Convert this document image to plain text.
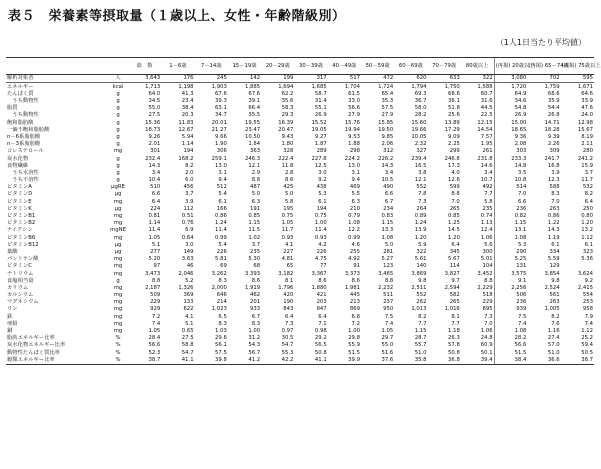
表５　栄養素等摂取量（１歳以上、女性・年齢階級別）
（1人1日当たり平均値）
		総　数	1－6歳	7－14歳	15－19歳	20－29歳	30－39歳	40－49歳	50－59歳	60－69歳	70－79歳	80歳以上	(再掲) 20歳以上	(再掲) 65－74歳	(再掲) 75歳以上
解析対象者	人	3,643	176	245	142	199	317	517	472	620	633	322	3,080	702	595
エネルギー	kcal	1,713	1,198	1,903	1,885	1,694	1,685	1,704	1,724	1,794	1,750	1,588	1,720	1,759	1,671
たんぱく質	g	64.0	41.3	67.6	67.6	62.2	58.7	61.5	65.4	69.3	68.6	60.7	64.9	68.6	64.6
　うち動物性	g	34.5	23.4	39.3	39.1	35.6	31.4	33.0	35.3	36.7	36.1	31.6	34.6	35.9	33.9
脂質	g	55.0	38.4	63.1	66.4	58.3	55.1	56.6	57.5	58.0	51.8	44.5	54.8	54.4	47.6
　うち動物性	g	27.5	20.3	34.7	35.5	29.3	26.9	27.9	27.9	28.2	25.6	22.5	26.9	26.8	24.0
飽和脂肪酸	g	15.36	11.83	20.01	19.55	16.39	15.52	15.76	15.85	15.60	13.89	12.15	15.00	14.71	12.98
一価不飽和脂肪酸	g	18.73	12.67	21.27	23.47	20.47	19.05	19.94	19.50	19.66	17.29	14.54	18.65	18.28	15.67
n－6系脂肪酸	g	9.26	5.94	9.66	10.50	9.43	9.27	9.53	9.85	10.05	9.09	7.57	9.36	9.39	8.19
n－3系脂肪酸	g	2.01	1.14	1.90	1.84	1.80	1.87	1.88	2.06	2.32	2.25	1.95	2.08	2.26	2.11
コレステロール	mg	301	194	306	363	328	289	298	312	327	299	261	303	309	280
炭水化物	g	232.4	168.2	259.1	246.3	222.4	227.8	224.2	226.2	239.4	246.8	231.8	233.3	241.7	241.2
食物繊維	g	14.3	8.2	13.0	12.1	11.8	12.5	13.0	14.3	16.5	17.3	14.6	14.8	16.8	15.9
　うち水溶性	g	3.4	2.0	3.1	2.9	2.8	3.0	3.1	3.4	3.8	4.0	3.4	3.5	3.9	3.7
　うち不溶性	g	10.4	6.0	9.4	8.8	8.6	9.2	9.4	10.5	12.1	12.6	10.7	10.8	12.3	11.7
ビタミンA	μgRE	510	456	512	487	425	438	469	490	552	599	492	514	588	532
ビタミンD	μg	6.6	3.7	5.4	5.0	5.0	5.3	5.5	6.6	7.8	8.8	7.7	7.0	8.3	8.2
ビタミンE	mg	6.4	3.9	6.1	6.3	5.8	6.1	6.3	6.7	7.3	7.0	5.8	6.6	7.0	6.4
ビタミンK	μg	224	112	166	191	195	194	210	234	264	265	235	236	263	250
ビタミンB1	mg	0.81	0.51	0.86	0.85	0.75	0.75	0.79	0.83	0.89	0.85	0.74	0.82	0.86	0.80
ビタミンB2	mg	1.14	0.76	1.24	1.15	1.05	1.00	1.08	1.15	1.24	1.25	1.13	1.15	1.22	1.20
ナイアシン	mgNE	11.4	6.9	11.4	11.5	11.7	11.4	12.2	13.3	13.9	14.5	12.4	13.1	14.3	13.2
ビタミンB6	mg	1.05	0.64	0.99	1.02	0.93	0.93	0.99	1.08	1.20	1.20	1.06	1.08	1.19	1.12
ビタミンB12	μg	5.1	3.0	5.4	3.7	4.1	4.2	4.6	5.0	5.9	6.4	5.6	5.3	6.1	6.1
葉酸	μg	277	149	226	235	227	226	255	281	322	345	300	290	334	323
パントテン酸	mg	5.20	3.63	5.81	5.30	4.81	4.75	4.92	5.27	5.61	5.67	5.01	5.25	5.59	5.36
ビタミンC	mg	97	46	69	68	65	77	91	123	140	114	104	131	129	
ナトリウム	mg	3,473	2,046	3,262	3,393	3,182	3,367	3,373	3,465	3,869	3,827	3,452	3,575	3,854	3,624
食塩相当量	g	8.8	5.2	8.3	8.6	8.1	8.6	8.6	8.8	9.8	9.7	8.8	9.1	9.8	9.2
カリウム	mg	2,187	1,326	2,000	1,919	1,796	1,880	1,981	2,232	2,511	2,594	2,229	2,256	2,524	2,415
カルシウム	mg	509	369	646	462	420	421	445	511	552	582	518	506	561	554
マグネシウム	mg	229	133	214	201	190	203	213	237	262	265	229	236	263	253
リン	mg	929	622	1,023	933	843	847	869	950	1,013	1,016	895	939	1,005	958
鉄	mg	7.2	4.1	6.5	6.7	6.4	6.4	6.8	7.5	8.2	8.1	7.3	7.5	8.2	7.9
亜鉛	mg	7.4	5.1	8.3	8.3	7.3	7.1	7.2	7.4	7.7	7.7	7.0	7.4	7.6	7.4
銅	mg	1.05	0.65	1.03	1.00	0.97	0.98	1.00	1.05	1.15	1.18	1.06	1.08	1.16	1.12
脂肪エネルギー比率	%	28.4	27.5	29.6	31.2	30.5	29.2	29.8	29.7	28.7	26.3	24.8	28.2	27.4	25.2
炭水化物エネルギー比率	%	56.6	58.8	56.1	54.3	54.7	56.5	55.9	55.0	55.7	57.8	60.9	56.6	57.0	59.4
動物性たんぱく質比率	%	52.3	54.7	57.5	56.7	55.3	50.8	51.5	51.6	51.0	50.8	50.1	51.5	51.0	50.5
穀類エネルギー比率	%	38.7	41.1	39.8	41.2	42.2	41.1	39.9	37.6	35.8	36.8	39.4	38.4	36.6	38.7
